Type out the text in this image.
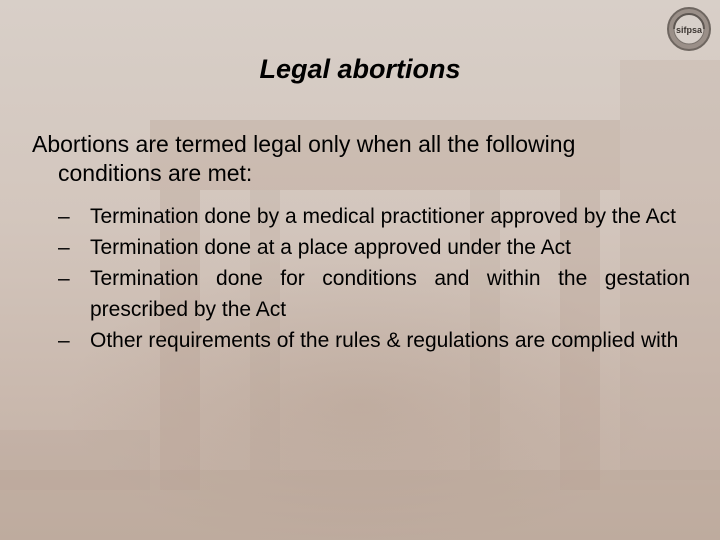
sifpsa
Legal abortions
Abortions are termed legal only when all the following
conditions are met:
– Termination done by a medical practitioner approved by the Act
– Termination done at a place approved under the Act
– Termination done for conditions and within the gestation prescribed by the Act
– Other requirements of the rules & regulations are complied with
